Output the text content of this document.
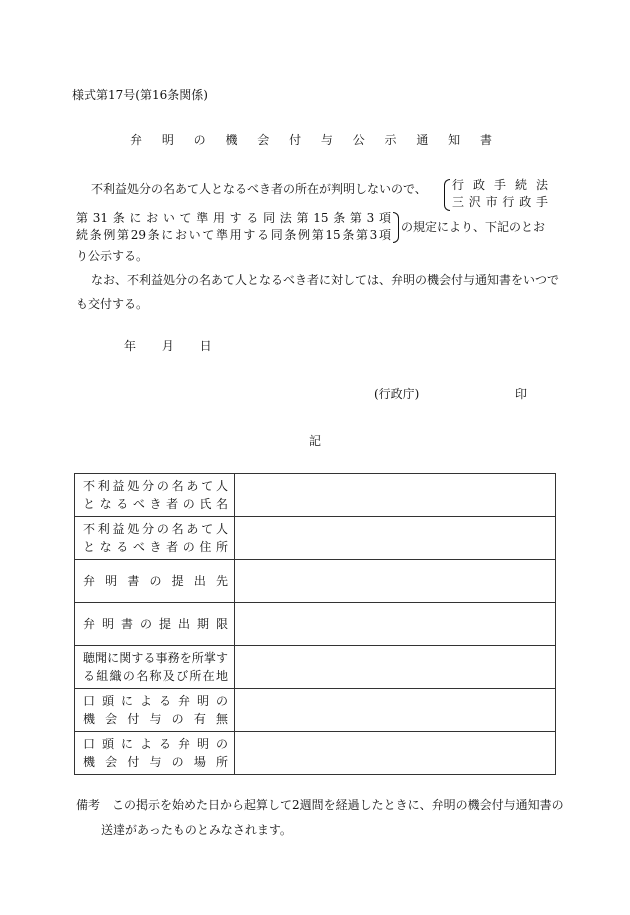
様式第17号(第16条関係)
弁 明 の 機 会 付 与 公 示 通 知 書
不利益処分の名あて人となるべき者の所在が判明しないので、 行 政 手 続 法
三 沢 市 行 政 手
第31条において準用する同法第15条第3項
続条例第29条において準用する同条例第15条第3項
の規定により、下記のとお
り公示する。
なお、不利益処分の名あて人となるべき者に対しては、弁明の機会付与通知書をいつで
も交付する。
年 月 日
(行政庁)	印
記
不利益処分の名あて人
となるべき者の氏名	

不利益処分の名あて人
となるべき者の住所	

弁明書の提出先	

弁明書の提出期限	

聴聞に関する事務を所掌す
る組織の名称及び所在地	

口頭による弁明の
機会付与の有無	

口頭による弁明の
機会付与の場所	

備考　この掲示を始めた日から起算して2週間を経過したときに、弁明の機会付与通知書の
送達があったものとみなされます。
